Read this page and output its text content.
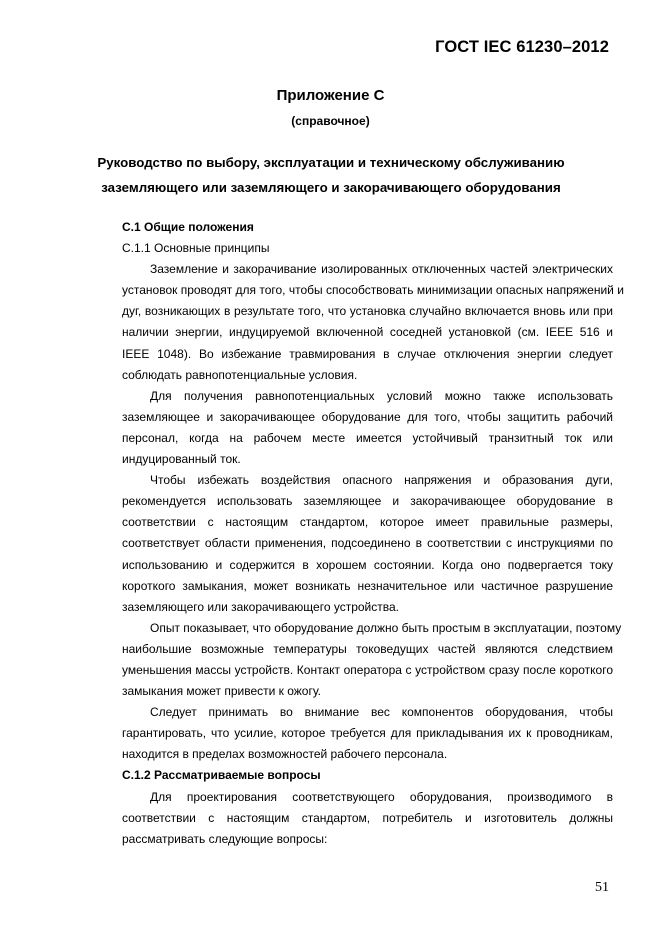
ГОСТ IEC 61230–2012
Приложение С
(справочное)
Руководство по выбору, эксплуатации и техническому обслуживанию
заземляющего или заземляющего и закорачивающего оборудования

С.1 Общие положения

С.1.1 Основные принципы

Заземление и закорачивание изолированных отключенных частей электрических
установок проводят для того, чтобы способствовать минимизации опасных напряжений и
дуг, возникающих в результате того, что установка случайно включается вновь или при
наличии энергии, индуцируемой включенной соседней установкой (см. IEEE 516 и
IEEE 1048). Во избежание травмирования в случае отключения энергии следует
соблюдать равнопотенциальные условия.

Для получения равнопотенциальных условий можно также использовать
заземляющее и закорачивающее оборудование для того, чтобы защитить рабочий
персонал, когда на рабочем месте имеется устойчивый транзитный ток или
индуцированный ток.

Чтобы избежать воздействия опасного напряжения и образования дуги,
рекомендуется использовать заземляющее и закорачивающее оборудование в
соответствии с настоящим стандартом, которое имеет правильные размеры,
соответствует области применения, подсоединено в соответствии с инструкциями по
использованию и содержится в хорошем состоянии. Когда оно подвергается току
короткого замыкания, может возникать незначительное или частичное разрушение
заземляющего или закорачивающего устройства.

Опыт показывает, что оборудование должно быть простым в эксплуатации, поэтому
наибольшие возможные температуры токоведущих частей являются следствием
уменьшения массы устройств. Контакт оператора с устройством сразу после короткого
замыкания может привести к ожогу.

Следует принимать во внимание вес компонентов оборудования, чтобы
гарантировать, что усилие, которое требуется для прикладывания их к проводникам,
находится в пределах возможностей рабочего персонала.

С.1.2 Рассматриваемые вопросы

Для проектирования соответствующего оборудования, производимого в
соответствии с настоящим стандартом, потребитель и изготовитель должны
рассматривать следующие вопросы:

51
